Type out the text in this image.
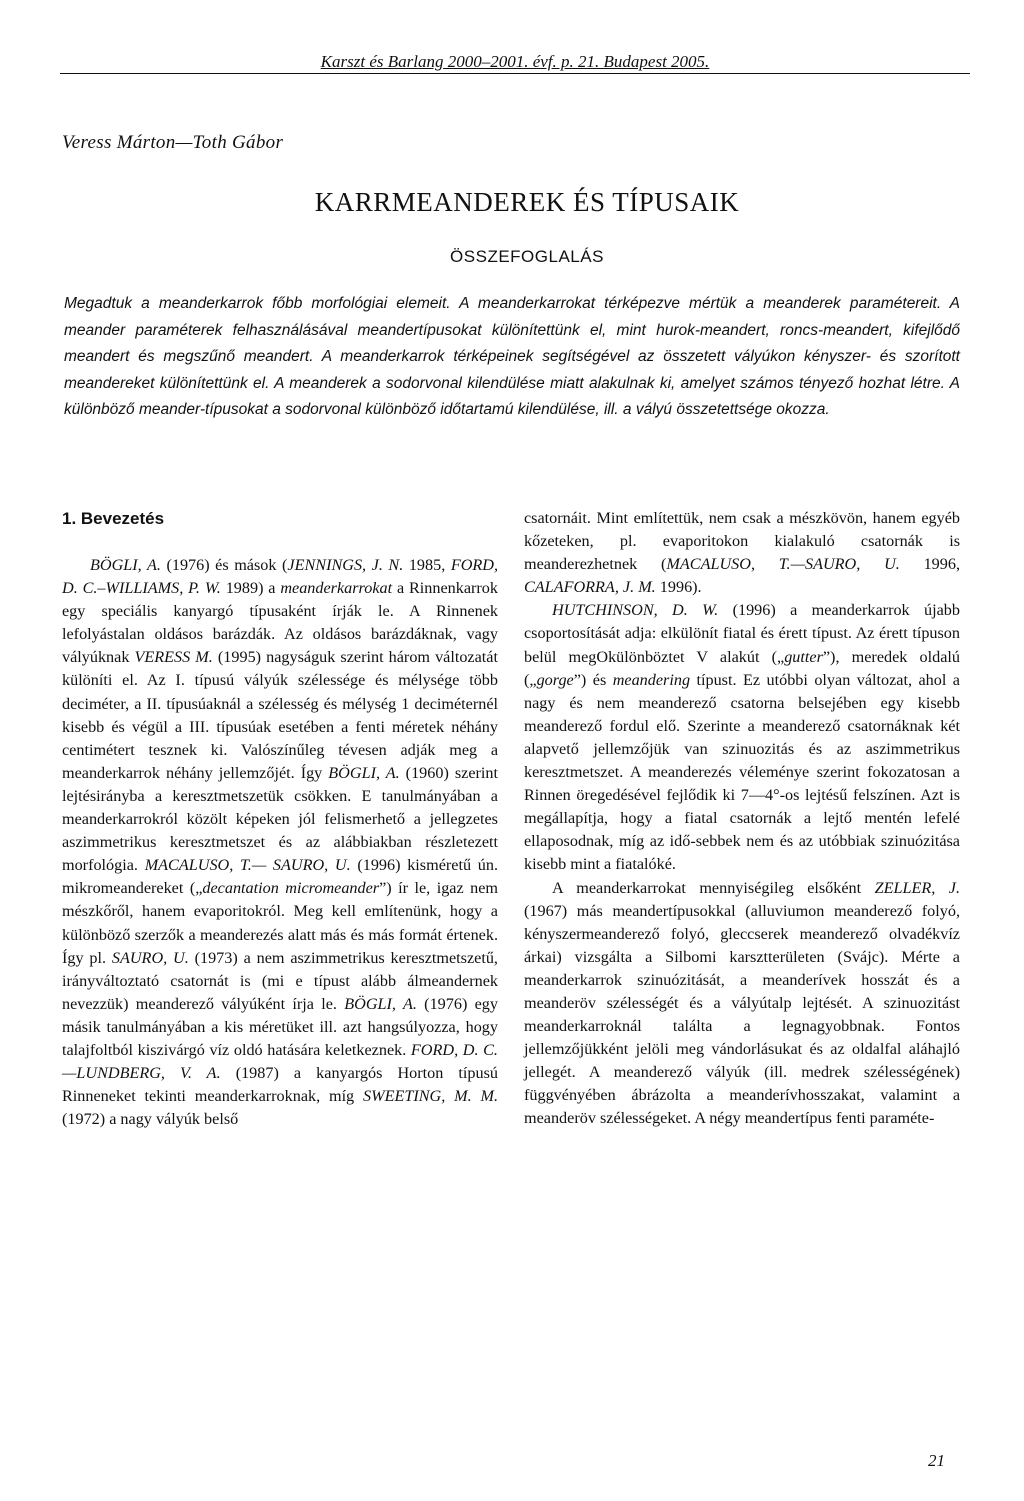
Karszt és Barlang 2000–2001. évf. p. 21. Budapest 2005.
Veress Márton—Toth Gábor
KARRMEANDEREK ÉS TÍPUSAIK
ÖSSZEFOGLALÁS
Megadtuk a meanderkarrok főbb morfológiai elemeit. A meanderkarrokat térképezve mértük a meanderek paramétereit. A meander paraméterek felhasználásával meandertípusokat különítettünk el, mint hurok-meandert, roncs-meandert, kifejlődő meandert és megszűnő meandert. A meanderkarrok térképeinek segítségével az összetett vályúkon kényszer- és szorított meandereket különítettünk el. A meanderek a sodorvonal kilendülése miatt alakulnak ki, amelyet számos tényező hozhat létre. A különböző meander-típusokat a sodorvonal különböző időtartamú kilendülése, ill. a vályú összetettsége okozza.
1. Bevezetés

BÖGLI, A. (1976) és mások (JENNINGS, J. N. 1985, FORD, D. C.–WILLIAMS, P. W. 1989) a meanderkarrokat a Rinnenkarrok egy speciális kanyargó típusaként írják le. A Rinnenek lefolyástalan oldásos barázdák. Az oldásos barázdáknak, vagy vályúknak VERESS M. (1995) nagyságuk szerint három változatát különíti el. Az I. típusú vályúk szélessége és mélysége több deciméter, a II. típusúaknál a szélesség és mélység 1 deciméternél kisebb és végül a III. típusúak esetében a fenti méretek néhány centimétert tesznek ki. Valószínűleg tévesen adják meg a meanderkarrok néhány jellemzőjét. Így BÖGLI, A. (1960) szerint lejtésirányba a keresztmetszetük csökken. E tanulmányában a meanderkarrokról közölt képeken jól felismerhető a jellegzetes aszimmetrikus keresztmetszet és az alábbiakban részletezett morfológia. MACALUSO, T.— SAURO, U. (1996) kisméretű ún. mikromeandereket („decantation micromeander”) ír le, igaz nem mészkőről, hanem evaporitokról. Meg kell említenünk, hogy a különböző szerzők a meanderezés alatt más és más formát értenek. Így pl. SAURO, U. (1973) a nem aszimmetrikus keresztmetszetű, irányváltoztató csatornát is (mi e típust alább álmeandernek nevezzük) meanderező vályúként írja le. BÖGLI, A. (1976) egy másik tanulmányában a kis méretüket ill. azt hangsúlyozza, hogy talajfoltból kiszivárgó víz oldó hatására keletkeznek. FORD, D. C.—LUNDBERG, V. A. (1987) a kanyargós Horton típusú Rinneneket tekinti meanderkarroknak, míg SWEETING, M. M. (1972) a nagy vályúk belső

csatornáit. Mint említettük, nem csak a mészkövön, hanem egyéb kőzeteken, pl. evaporitokon kialakuló csatornák is meanderezhetnek (MACALUSO, T.—SAURO, U. 1996, CALAFORRA, J. M. 1996).

HUTCHINSON, D. W. (1996) a meanderkarrok újabb csoportosítását adja: elkülönít fiatal és érett típust. Az érett típuson belül megOkülönböztet V alakút („gutter”), meredek oldalú („gorge”) és meandering típust. Ez utóbbi olyan változat, ahol a nagy és nem meanderező csatorna belsejében egy kisebb meanderező fordul elő. Szerinte a meanderező csatornáknak két alapvető jellemzőjük van szinuozitás és az aszimmetrikus keresztmetszet. A meanderezés véleménye szerint fokozatosan a Rinnen öregedésével fejlődik ki 7—4°-os lejtésű felszínen. Azt is megállapítja, hogy a fiatal csatornák a lejtő mentén lefelé ellaposodnak, míg az idő-sebbek nem és az utóbbiak szinuózitása kisebb mint a fiatalóké.

A meanderkarrokat mennyiségileg elsőként ZELLER, J. (1967) más meandertípusokkal (alluviumon meanderező folyó, kényszermeanderező folyó, gleccserek meanderező olvadékvíz árkai) vizsgálta a Silbomi karsztterületen (Svájc). Mérte a meanderkarrok szinuózitását, a meanderívek hosszát és a meanderöv szélességét és a vályútalp lejtését. A szinuozitást meanderkarroknál találta a legnagyobbnak. Fontos jellemzőjükként jelöli meg vándorlásukat és az oldalfal aláhajló jellegét. A meanderező vályúk (ill. medrek szélességének) függvényében ábrázolta a meanderívhosszakat, valamint a meanderöv szélességeket. A négy meandertípus fenti paraméte-

21
